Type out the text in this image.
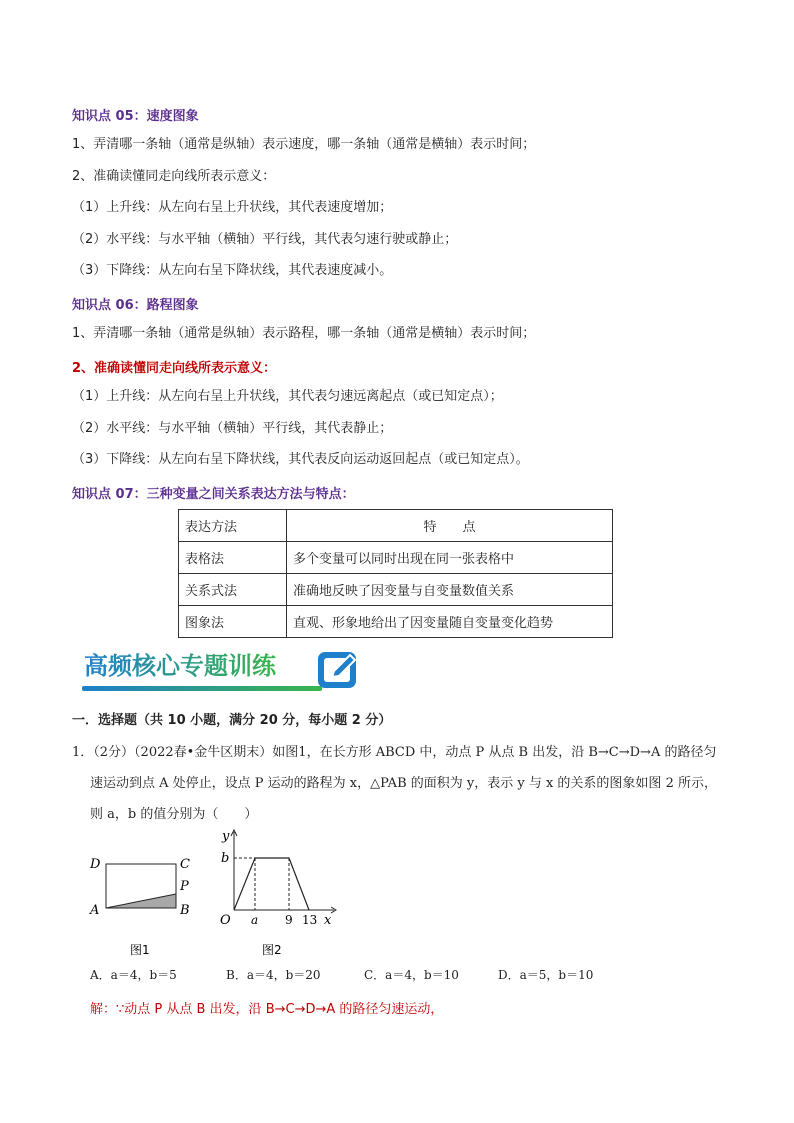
知识点 05：速度图象
1、弄清哪一条轴（通常是纵轴）表示速度，哪一条轴（通常是横轴）表示时间；
2、准确读懂同走向线所表示意义：
（1）上升线：从左向右呈上升状线，其代表速度增加；
（2）水平线：与水平轴（横轴）平行线，其代表匀速行驶或静止；
（3）下降线：从左向右呈下降状线，其代表速度减小。
知识点 06：路程图象
1、弄清哪一条轴（通常是纵轴）表示路程，哪一条轴（通常是横轴）表示时间；
2、准确读懂同走向线所表示意义：
（1）上升线：从左向右呈上升状线，其代表匀速远离起点（或已知定点）；
（2）水平线：与水平轴（横轴）平行线，其代表静止；
（3）下降线：从左向右呈下降状线，其代表反向运动返回起点（或已知定点）。
知识点 07：三种变量之间关系表达方法与特点：
表达方法	特　　点
表格法	多个变量可以同时出现在同一张表格中
关系式法	准确地反映了因变量与自变量数值关系
图象法	直观、形象地给出了因变量随自变量变化趋势
高频核心专题训练
一．选择题（共 10 小题，满分 20 分，每小题 2 分）
1．（2分）（2022春•金牛区期末）如图1，在长方形 ABCD 中，动点 P 从点 B 出发，沿 B→C→D→A 的路径匀
速运动到点 A 处停止，设点 P 运动的路程为 x，△PAB 的面积为 y，表示 y 与 x 的关系的图象如图 2 所示，
则 a，b 的值分别为（　　）
D	C
P
A	B
图1
y
b
O a 9 13 x
图2
A．a＝4，b＝5	B．a＝4，b＝20	C．a＝4，b＝10	D．a＝5，b＝10
解：∵动点 P 从点 B 出发，沿 B→C→D→A 的路径匀速运动，
